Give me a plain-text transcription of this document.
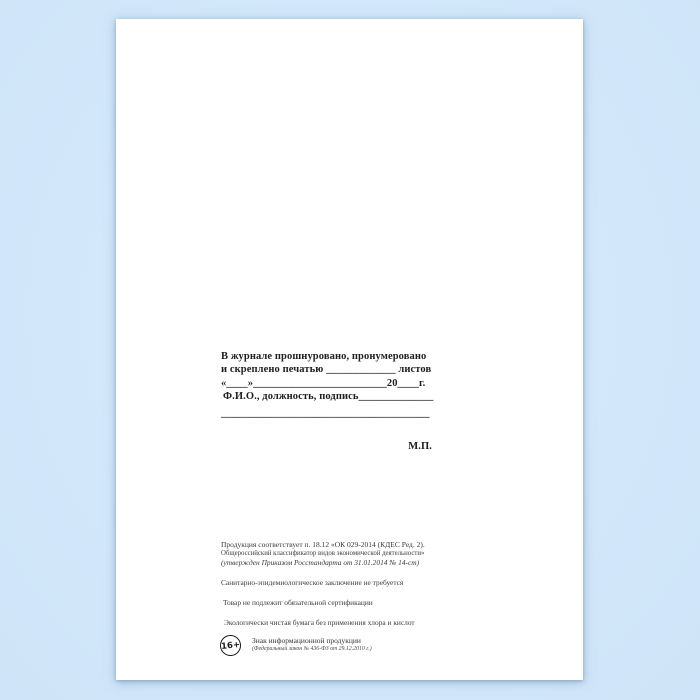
В журнале прошнуровано, пронумеровано
и скреплено печатью _____________ листов
«____»_________________________20____г.
Ф.И.О., должность, подпись______________
_______________________________________
М.П.
Продукция соответствует п. 18.12 «ОК 029-2014 (КДЕС Ред. 2).
Общероссийский классификатор видов экономической деятельности»
(утвержден Приказом Росстандарта от 31.01.2014 № 14-ст)
Санитарно-эпидемиологическое заключение не требуется
Товар не подлежит обязательной сертификации
Экологически чистая бумага без применения хлора и кислот
16+ Знак информационной продукции
(Федеральный закон № 436-ФЗ от 29.12.2010 г.)
